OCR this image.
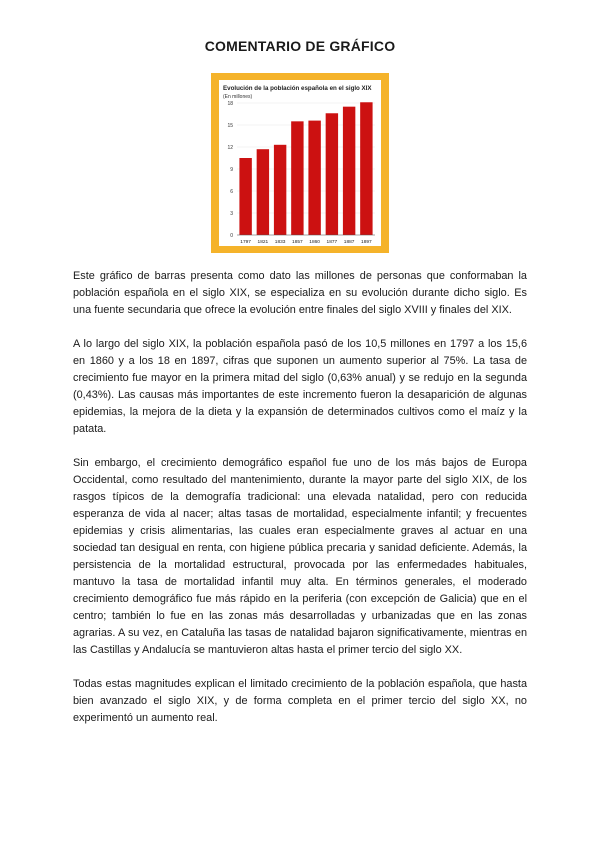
COMENTARIO DE GRÁFICO
Evolución de la población española en el siglo XIX
(En millones)
0
3
6
9
12
15
18
1797 1821 1833 1857 1860 1877 1887 1897

Este gráfico de barras presenta como dato las millones de personas que conformaban la población española en el siglo XIX, se especializa en su evolución durante dicho siglo. Es una fuente secundaria que ofrece la evolución entre finales del siglo XVIII y finales del XIX.

A lo largo del siglo XIX, la población española pasó de los 10,5 millones en 1797 a los 15,6 en 1860 y a los 18 en 1897, cifras que suponen un aumento superior al 75%. La tasa de crecimiento fue mayor en la primera mitad del siglo (0,63% anual) y se redujo en la segunda (0,43%). Las causas más importantes de este incremento fueron la desaparición de algunas epidemias, la mejora de la dieta y la expansión de determinados cultivos como el maíz y la patata.

Sin embargo, el crecimiento demográfico español fue uno de los más bajos de Europa Occidental, como resultado del mantenimiento, durante la mayor parte del siglo XIX, de los rasgos típicos de la demografía tradicional: una elevada natalidad, pero con reducida esperanza de vida al nacer; altas tasas de mortalidad, especialmente infantil; y frecuentes epidemias y crisis alimentarias, las cuales eran especialmente graves al actuar en una sociedad tan desigual en renta, con higiene pública precaria y sanidad deficiente. Además, la persistencia de la mortalidad estructural, provocada por las enfermedades habituales, mantuvo la tasa de mortalidad infantil muy alta. En términos generales, el moderado crecimiento demográfico fue más rápido en la periferia (con excepción de Galicia) que en el centro; también lo fue en las zonas más desarrolladas y urbanizadas que en las zonas agrarias. A su vez, en Cataluña las tasas de natalidad bajaron significativamente, mientras en las Castillas y Andalucía se mantuvieron altas hasta el primer tercio del siglo XX.

Todas estas magnitudes explican el limitado crecimiento de la población española, que hasta bien avanzado el siglo XIX, y de forma completa en el primer tercio del siglo XX, no experimentó un aumento real.
